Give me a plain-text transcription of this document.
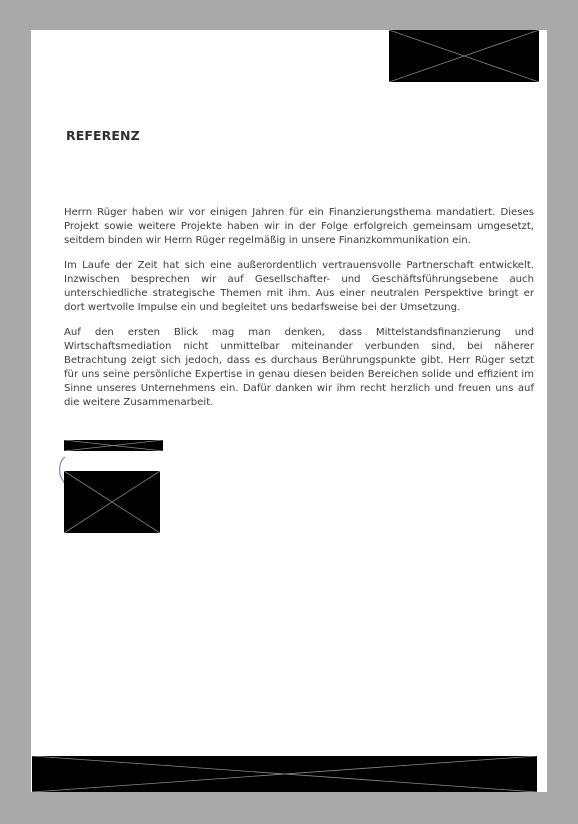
REFERENZ

Herrn Rüger haben wir vor einigen Jahren für ein Finanzierungsthema mandatiert. Dieses Projekt sowie weitere Projekte haben wir in der Folge erfolgreich gemeinsam umgesetzt, seitdem binden wir Herrn Rüger regelmäßig in unsere Finanzkommunikation ein.

Im Laufe der Zeit hat sich eine außerordentlich vertrauensvolle Partnerschaft entwickelt. Inzwischen besprechen wir auf Gesellschafter- und Geschäftsführungsebene auch unterschiedliche strategische Themen mit ihm. Aus einer neutralen Perspektive bringt er dort wertvolle Impulse ein und begleitet uns bedarfsweise bei der Umsetzung.

Auf den ersten Blick mag man denken, dass Mittelstandsfinanzierung und Wirtschaftsmediation nicht unmittelbar miteinander verbunden sind, bei näherer Betrachtung zeigt sich jedoch, dass es durchaus Berührungspunkte gibt. Herr Rüger setzt für uns seine persönliche Expertise in genau diesen beiden Bereichen solide und effizient im Sinne unseres Unternehmens ein. Dafür danken wir ihm recht herzlich und freuen uns auf die weitere Zusammenarbeit.
